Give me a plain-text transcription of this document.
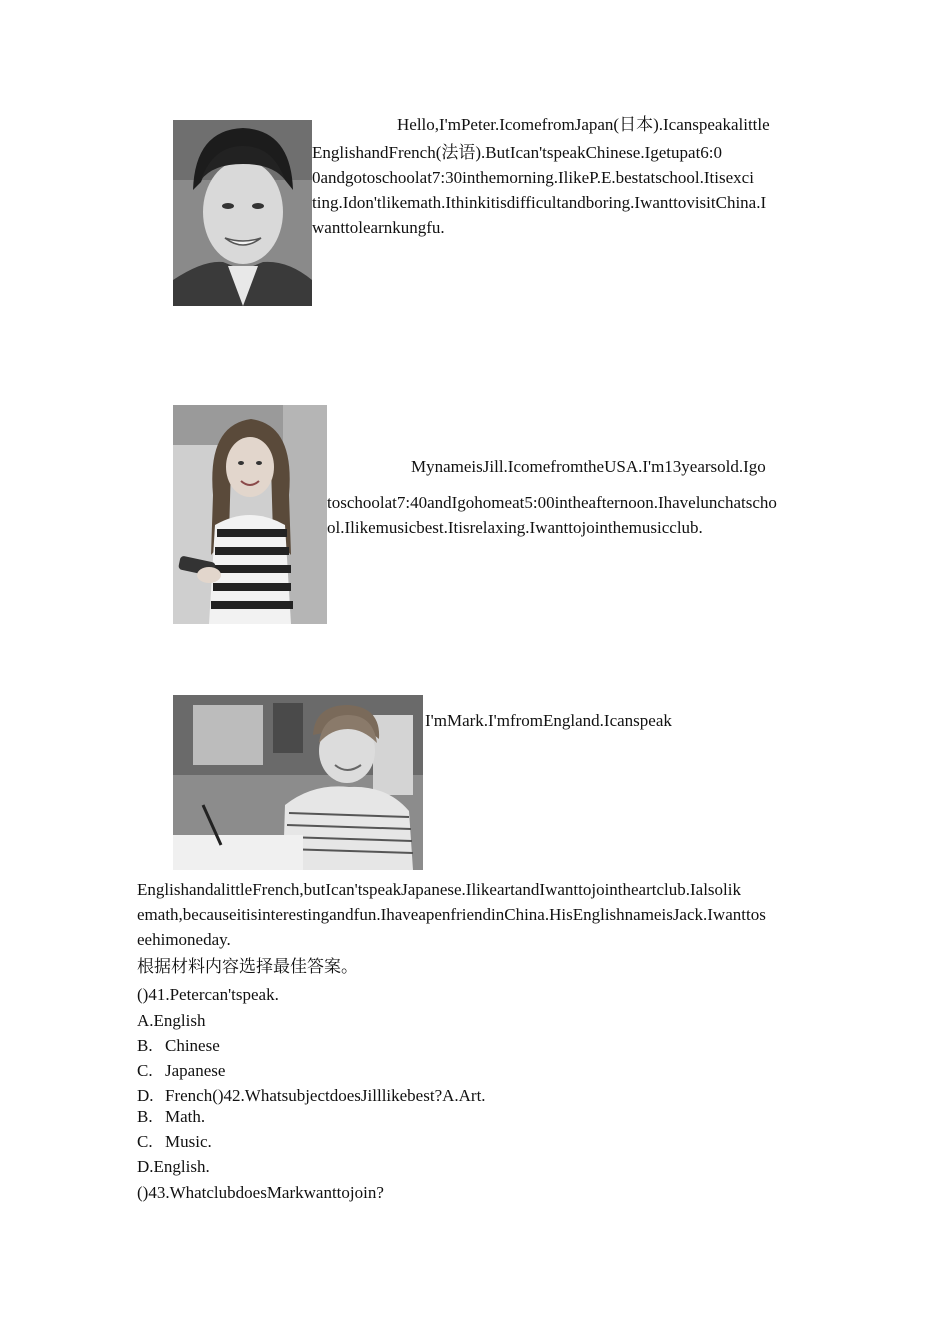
Hello,I'mPeter.IcomefromJapan(日本).Icanspeakalittle
EnglishandFrench(法语).ButIcan'tspeakChinese.Igetupat6:0
0andgotoschoolat7:30inthemorning.IlikeP.E.bestatschool.Itisexci
ting.Idon'tlikemath.Ithinkitisdifficultandboring.IwanttovisitChina.I
wanttolearnkungfu.
MynameisJill.IcomefromtheUSA.I'm13yearsold.Igo
toschoolat7:40andIgohomeat5:00intheafternoon.Ihavelunchatscho
ol.Ilikemusicbest.Itisrelaxing.Iwanttojointhemusicclub.
I'mMark.I'mfromEngland.Icanspeak
EnglishandalittleFrench,butIcan'tspeakJapanese.IlikeartandIwanttojointheartclub.Ialsolik
emath,becauseitisinterestingandfun.IhaveapenfriendinChina.HisEnglishnameisJack.Iwanttos
eehimoneday.
根据材料内容选择最佳答案。
()41.Petercan'tspeak.
A.English
B. Chinese
C. Japanese
D. French()42.WhatsubjectdoesJilllikebest?A.Art.
B. Math.
C. Music.
D.English.
()43.WhatclubdoesMarkwanttojoin?
